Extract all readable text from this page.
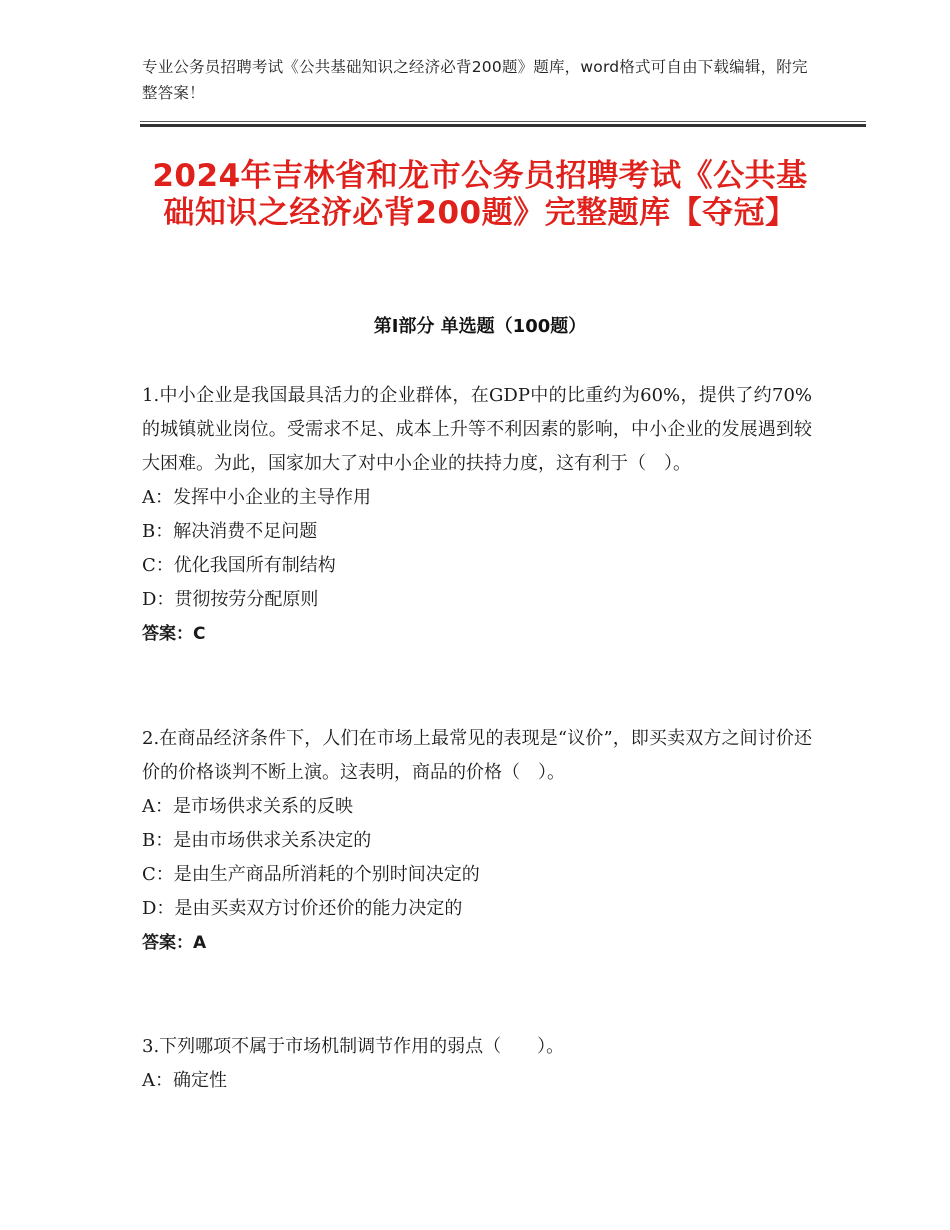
专业公务员招聘考试《公共基础知识之经济必背200题》题库，word格式可自由下载编辑，附完整答案！
2024年吉林省和龙市公务员招聘考试《公共基础知识之经济必背200题》完整题库【夺冠】
第Ⅰ部分 单选题（100题）

1.中小企业是我国最具活力的企业群体，在GDP中的比重约为60%，提供了约70%的城镇就业岗位。受需求不足、成本上升等不利因素的影响，中小企业的发展遇到较大困难。为此，国家加大了对中小企业的扶持力度，这有利于（　）。

A：发挥中小企业的主导作用

B：解决消费不足问题

C：优化我国所有制结构

D：贯彻按劳分配原则

答案：C

2.在商品经济条件下，人们在市场上最常见的表现是“议价”，即买卖双方之间讨价还价的价格谈判不断上演。这表明，商品的价格（　）。

A：是市场供求关系的反映

B：是由市场供求关系决定的

C：是由生产商品所消耗的个别时间决定的

D：是由买卖双方讨价还价的能力决定的

答案：A

3.下列哪项不属于市场机制调节作用的弱点（　　）。

A：确定性
